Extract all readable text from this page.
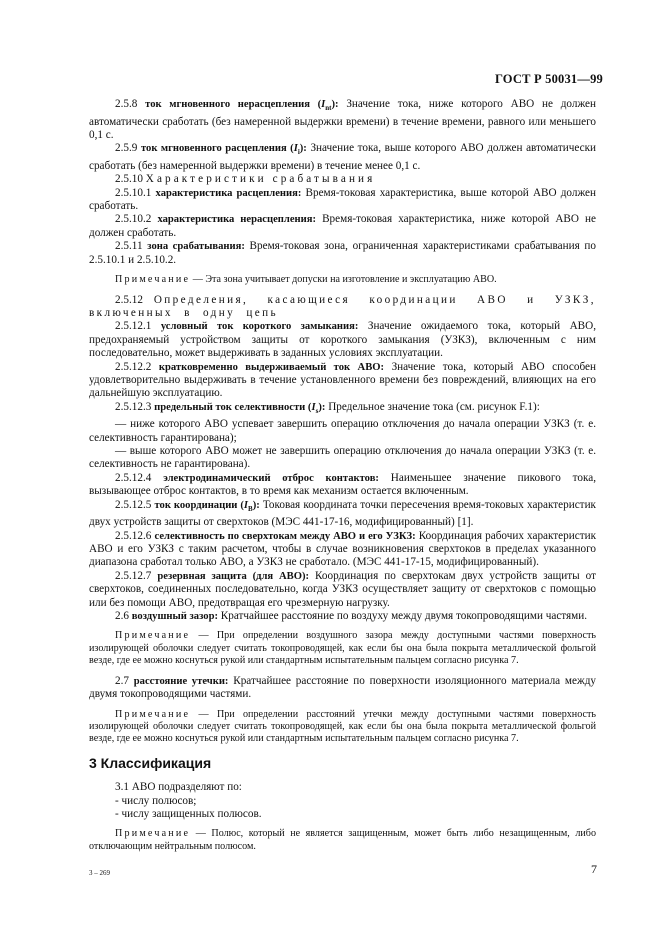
ГОСТ Р 50031—99

2.5.8 ток мгновенного нерасцепления $(I_{nt})$: Значение тока, ниже которого АВО не должен автоматически сработать (без намеренной выдержки времени) в течение времени, равного или меньшего 0,1 с.

2.5.9 ток мгновенного расцепления $(I_i)$: Значение тока, выше которого АВО должен автоматически сработать (без намеренной выдержки времени) в течение менее 0,1 с.

2.5.10 Характеристики срабатывания

2.5.10.1 характеристика расцепления: Время-токовая характеристика, выше которой АВО должен сработать.

2.5.10.2 характеристика нерасцепления: Время-токовая характеристика, ниже которой АВО не должен сработать.

2.5.11 зона срабатывания: Время-токовая зона, ограниченная характеристиками срабатывания по 2.5.10.1 и 2.5.10.2.

Примечание — Эта зона учитывает допуски на изготовление и эксплуатацию АВО.

2.5.12 Определения, касающиеся координации АВО и УЗКЗ, включенных в одну цепь

2.5.12.1 условный ток короткого замыкания: Значение ожидаемого тока, который АВО, предохраняемый устройством защиты от короткого замыкания (УЗКЗ), включенным с ним последовательно, может выдерживать в заданных условиях эксплуатации.

2.5.12.2 кратковременно выдерживаемый ток АВО: Значение тока, который АВО способен удовлетворительно выдерживать в течение установленного времени без повреждений, влияющих на его дальнейшую эксплуатацию.

2.5.12.3 предельный ток селективности $(I_s)$: Предельное значение тока (см. рисунок F.1):

— ниже которого АВО успевает завершить операцию отключения до начала операции УЗКЗ (т. е. селективность гарантирована);

— выше которого АВО может не завершить операцию отключения до начала операции УЗКЗ (т. е. селективность не гарантирована).

2.5.12.4 электродинамический отброс контактов: Наименьшее значение пикового тока, вызывающее отброс контактов, в то время как механизм остается включенным.

2.5.12.5 ток координации $(I_B)$: Токовая координата точки пересечения время-токовых характеристик двух устройств защиты от сверхтоков (МЭС 441-17-16, модифицированный) [1].

2.5.12.6 селективность по сверхтокам между АВО и его УЗКЗ: Координация рабочих характеристик АВО и его УЗКЗ с таким расчетом, чтобы в случае возникновения сверхтоков в пределах указанного диапазона сработал только АВО, а УЗКЗ не сработало. (МЭС 441-17-15, модифицированный).

2.5.12.7 резервная защита (для АВО): Координация по сверхтокам двух устройств защиты от сверхтоков, соединенных последовательно, когда УЗКЗ осуществляет защиту от сверхтоков с помощью или без помощи АВО, предотвращая его чрезмерную нагрузку.

2.6 воздушный зазор: Кратчайшее расстояние по воздуху между двумя токопроводящими частями.

Примечание — При определении воздушного зазора между доступными частями поверхность изолирующей оболочки следует считать токопроводящей, как если бы она была покрыта металлической фольгой везде, где ее можно коснуться рукой или стандартным испытательным пальцем согласно рисунка 7.

2.7 расстояние утечки: Кратчайшее расстояние по поверхности изоляционного материала между двумя токопроводящими частями.

Примечание — При определении расстояний утечки между доступными частями поверхность изолирующей оболочки следует считать токопроводящей, как если бы она была покрыта металлической фольгой везде, где ее можно коснуться рукой или стандартным испытательным пальцем согласно рисунка 7.

3 Классификация

3.1 АВО подразделяют по:

- числу полюсов;

- числу защищенных полюсов.

Примечание — Полюс, который не является защищенным, может быть либо незащищенным, либо отключающим нейтральным полюсом.

3 – 269	7
